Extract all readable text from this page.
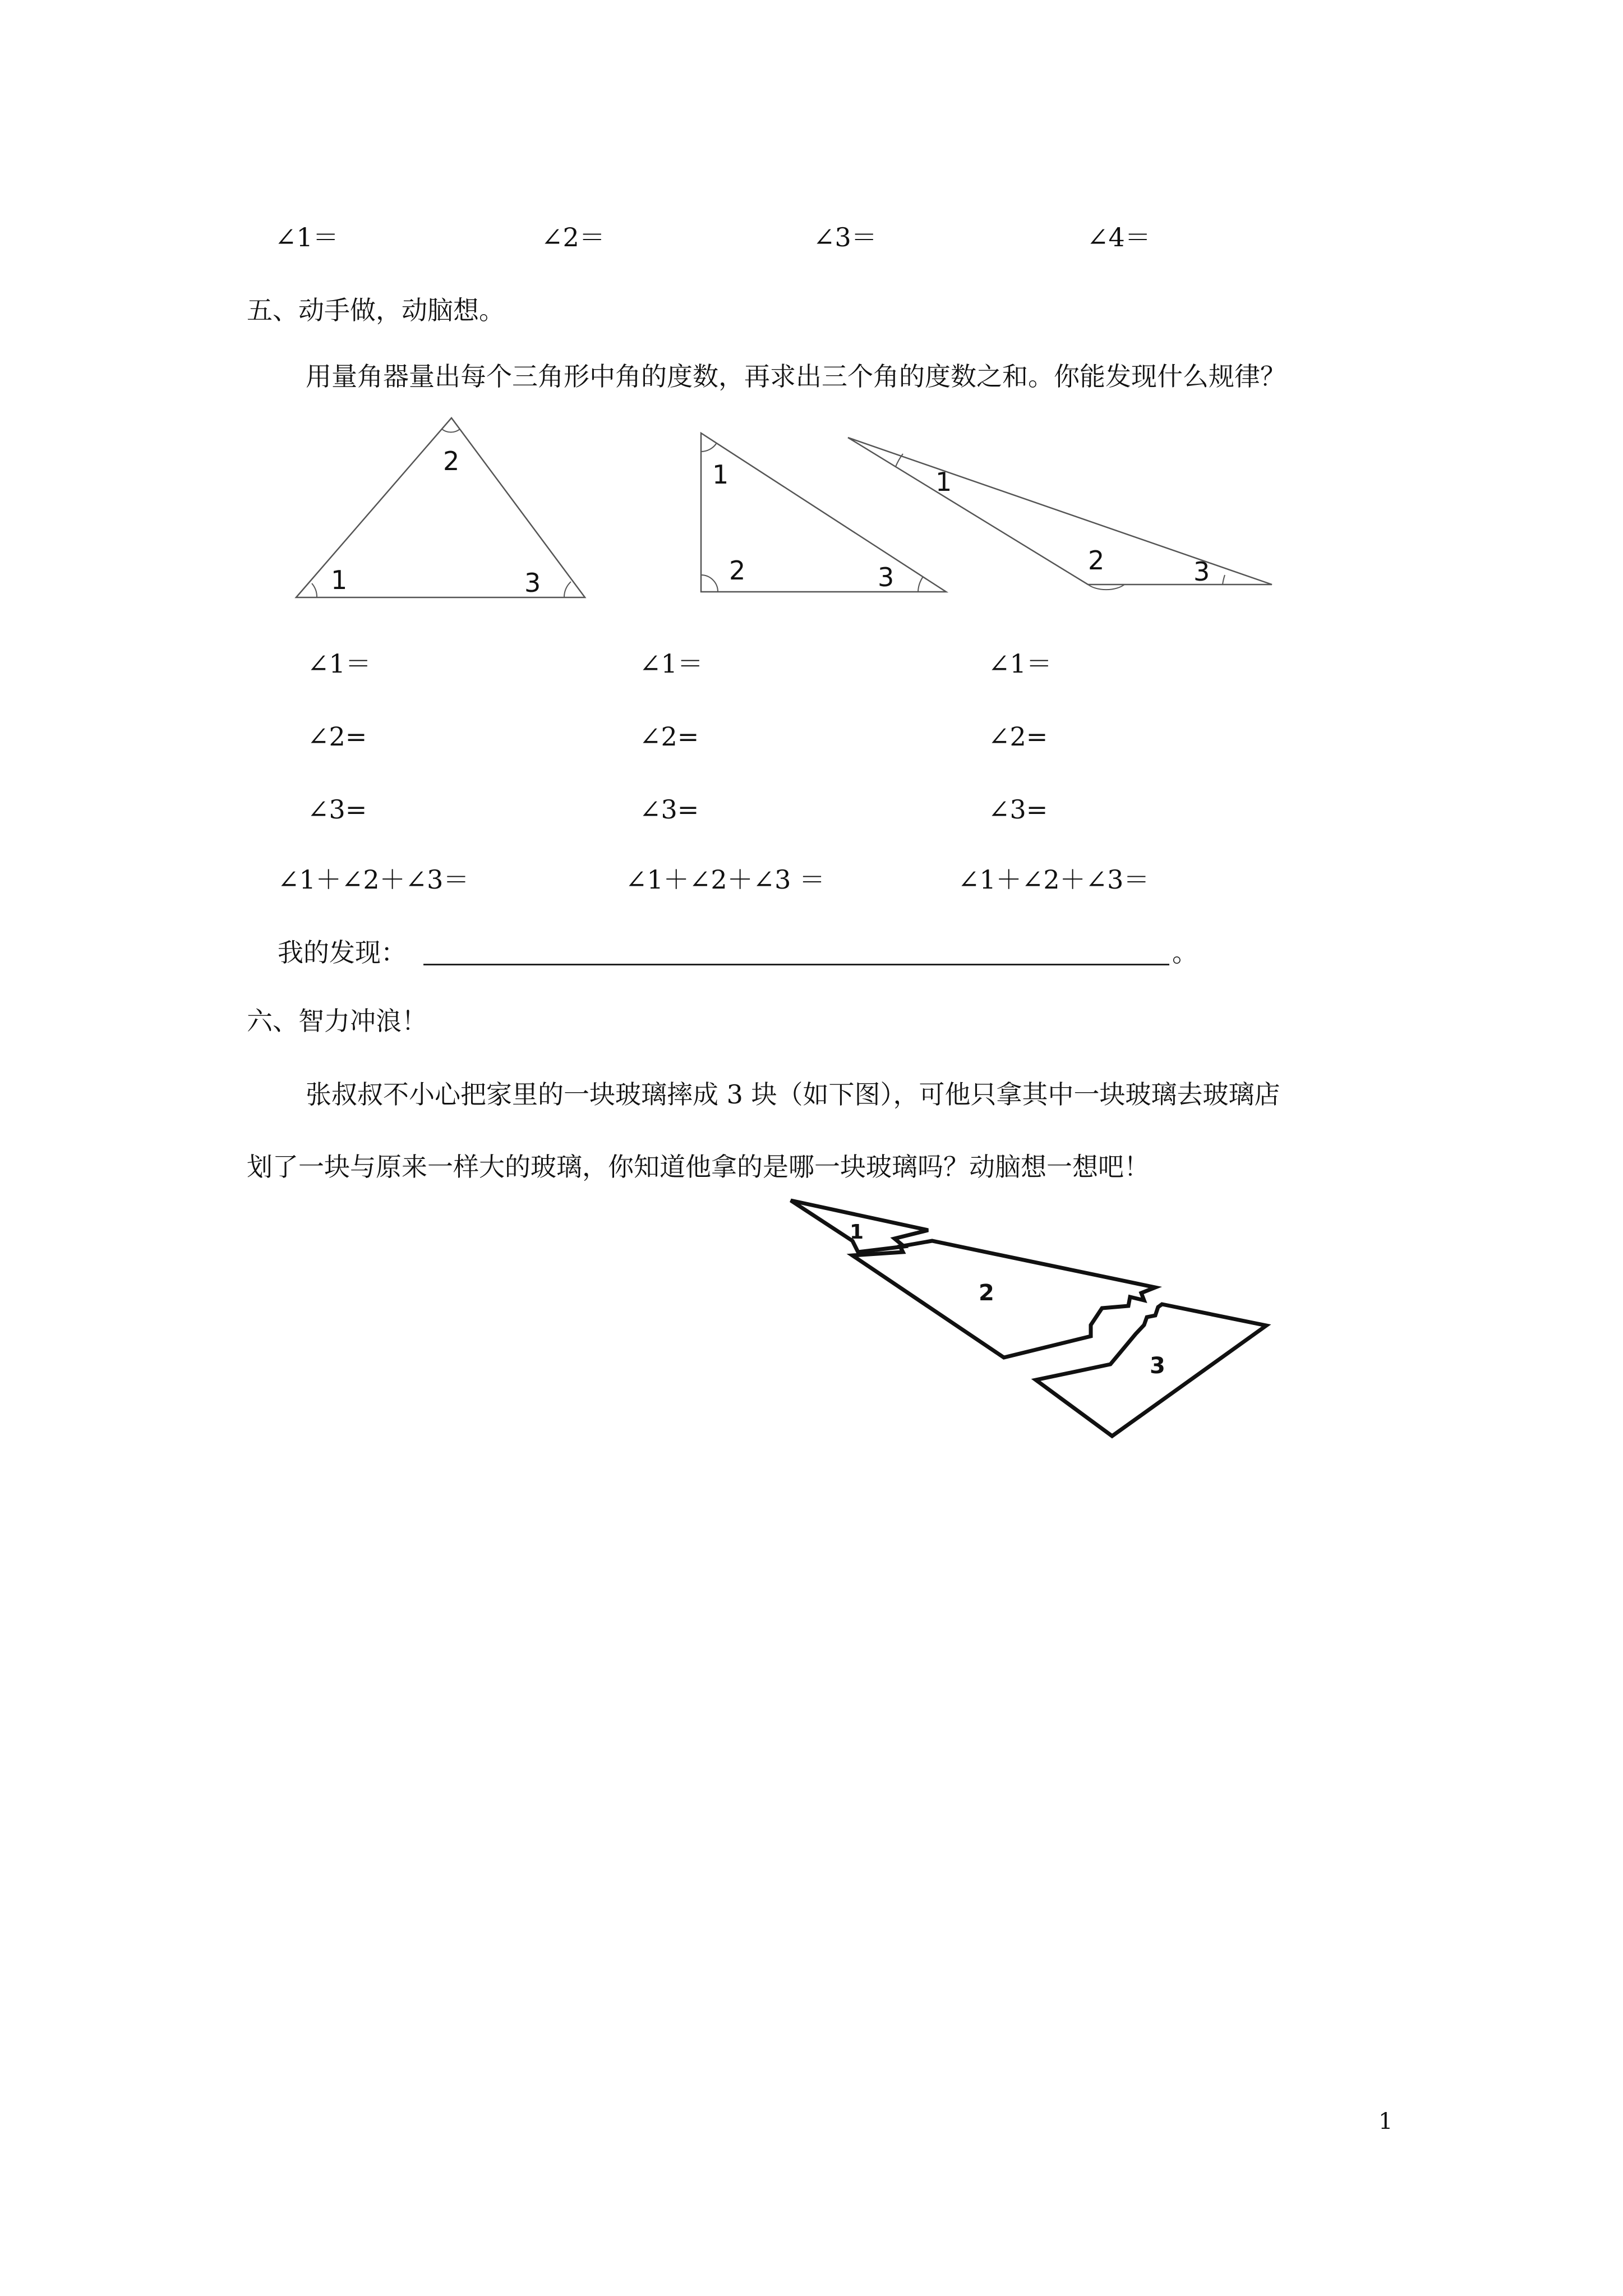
∠1＝	∠2＝	∠3＝	∠4＝
五、动手做，动脑想。
用量角器量出每个三角形中角的度数，再求出三个角的度数之和。你能发现什么规律？
1
2
3
1
2	3
1
2	3
∠1＝	∠1＝	∠1＝
∠2=	∠2=	∠2=
∠3=	∠3=	∠3=
∠1＋∠2＋∠3＝	∠1＋∠2＋∠3 ＝	∠1＋∠2＋∠3＝
我的发现：	。
六、智力冲浪！
张叔叔不小心把家里的一块玻璃摔成 3 块（如下图），可他只拿其中一块玻璃去玻璃店
划了一块与原来一样大的玻璃，你知道他拿的是哪一块玻璃吗？动脑想一想吧！
1
2
3
1
